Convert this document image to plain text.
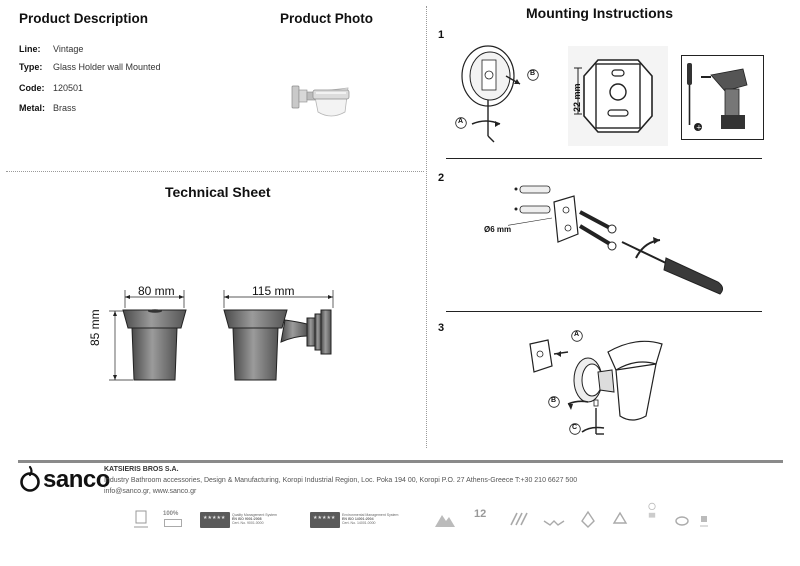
Product Description
Line:	Vintage
Type:	Glass Holder wall Mounted
Code: 120501
Metal: Brass
Product Photo
Technical Sheet
80 mm	115 mm
85 mm
Mounting Instructions
1
A
B
22 mm
+
2
Ø6 mm
3
A
B
C
sanco
KATSIERIS BROS S.A.
Industry Bathroom accessories, Design & Manufacturing, Koropi Industrial Region, Loc. Poka 194 00, Koropi P.O. 27 Athens-Greece T:+30 210 6627 500
info@sanco.gr, www.sanco.gr
100%
★★★★★ Quality Management System
EN ISO 9001:2008
Cert. No. 9001.0000
★★★★★ Environmental Management System
EN ISO 14001:2004
Cert. No. 14001.0000
12
